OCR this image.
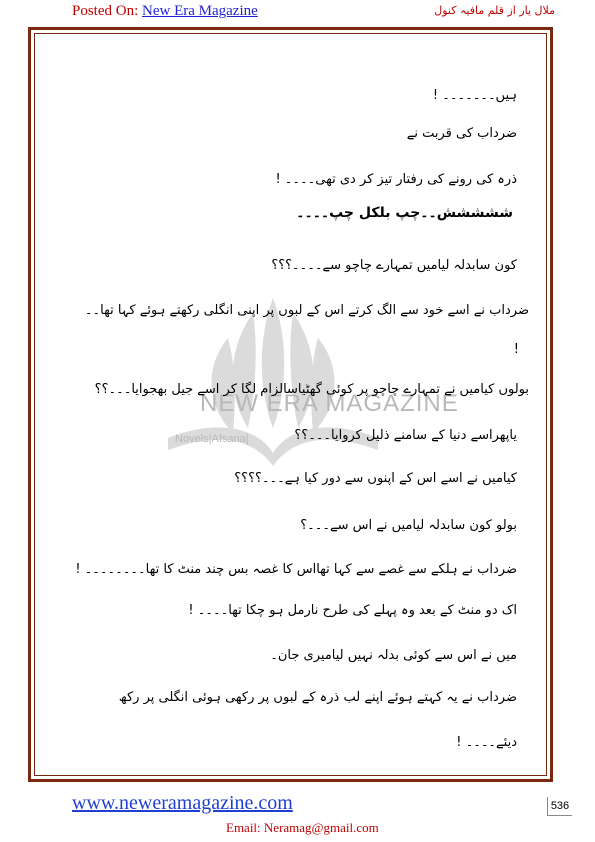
Posted On: New Era Magazine	ملال یار از قلم مافیہ کنول
NEW ERA MAGAZINE
Novels|Afsana|
ہیں۔۔۔۔۔۔۔ !
ضرداب کی قربت نے
ذرہ کی رونے کی رفتار تیز کر دی تھی۔۔۔۔ !
ششششش۔۔چپ بلکل چپ۔۔۔۔
کون سابدلہ لیامیں تمہارے چاچو سے۔۔۔۔؟؟؟
ضرداب نے اسے خود سے الگ کرتے اس کے لبوں پر اپنی انگلی رکھتے ہوئے کہا تھا۔۔
!
بولوں کیامیں نے تمہارے چاچو پر کوئی گھٹیاسالزام لگا کر اسے جیل بھجوایا۔۔۔؟؟
یاپھراسے دنیا کے سامنے ذلیل کروایا۔۔۔؟؟
کیامیں نے اسے اس کے اپنوں سے دور کیا ہے۔۔۔؟؟؟؟
بولو کون سابدلہ لیامیں نے اس سے۔۔۔؟
ضرداب نے ہلکے سے غصے سے کہا تھااس کا غصہ بس چند منٹ کا تھا۔۔۔۔۔۔۔۔ !
اک دو منٹ کے بعد وہ پہلے کی طرح نارمل ہو چکا تھا۔۔۔۔ !
میں نے اس سے کوئی بدلہ نہیں لیامیری جان۔
ضرداب نے یہ کہتے ہوئے اپنے لب ذرہ کے لبوں پر رکھی ہوئی انگلی پر رکھ
دیئے۔۔۔۔ !
www.neweramagazine.com	536
Email: Neramag@gmail.com
